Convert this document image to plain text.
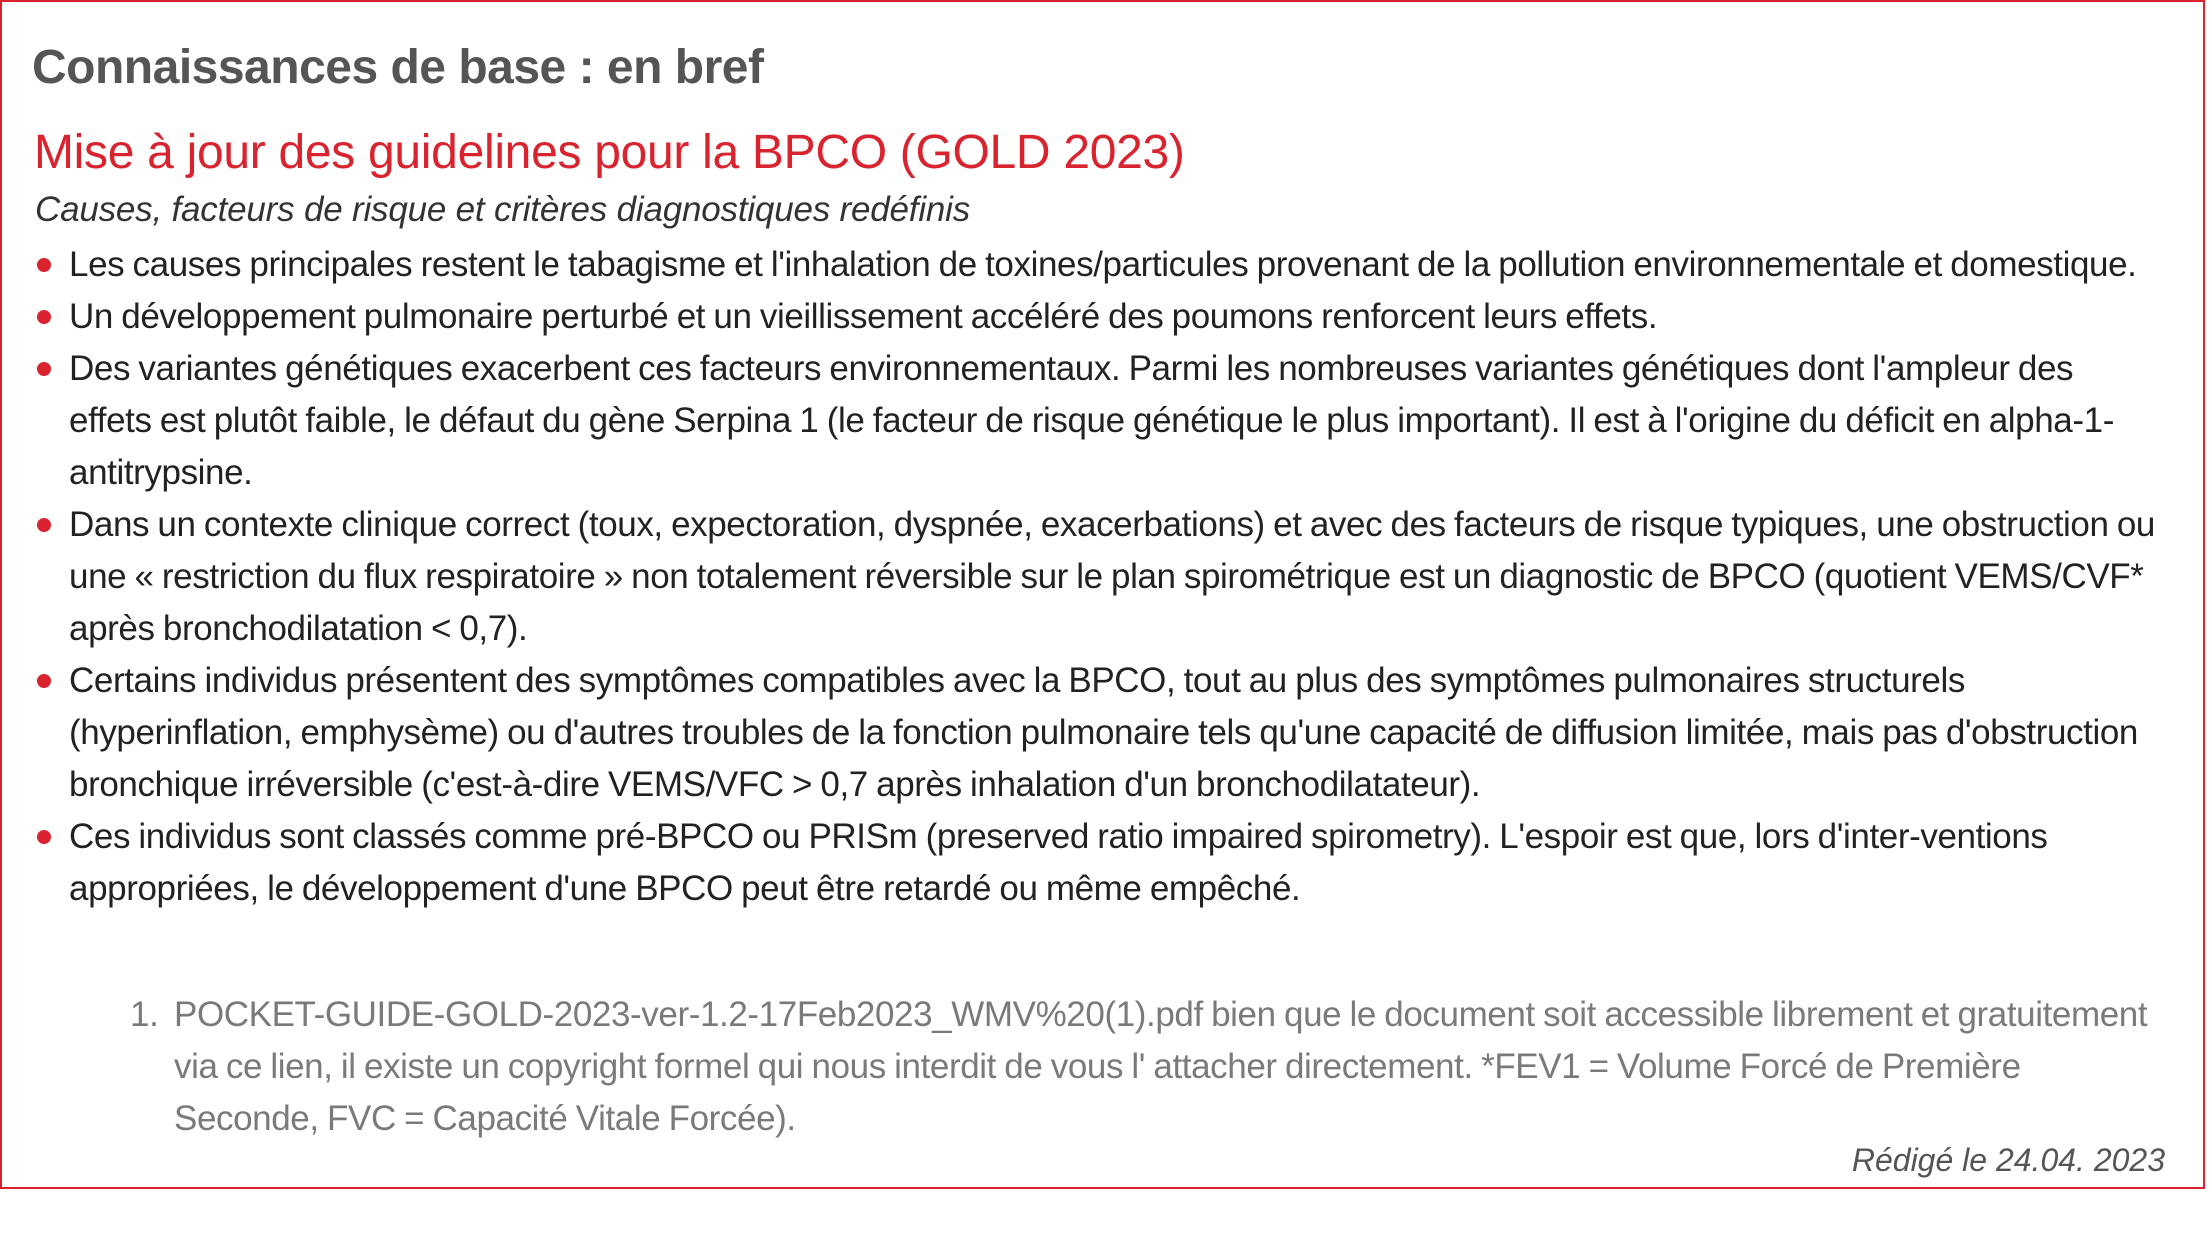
Connaissances de base : en bref
Mise à jour des guidelines pour la BPCO (GOLD 2023)
Causes, facteurs de risque et critères diagnostiques redéfinis
Les causes principales restent le tabagisme et l'inhalation de toxines/particules provenant de la pollution environnementale et domestique.
Un développement pulmonaire perturbé et un vieillissement accéléré des poumons renforcent leurs effets.
Des variantes génétiques exacerbent ces facteurs environnementaux. Parmi les nombreuses variantes génétiques dont l'ampleur des effets est plutôt faible, le défaut du gène Serpina 1 (le facteur de risque génétique le plus important). Il est à l'origine du déficit en alpha-1-antitrypsine.
Dans un contexte clinique correct (toux, expectoration, dyspnée, exacerbations) et avec des facteurs de risque typiques, une obstruction ou une « restriction du flux respiratoire » non totalement réversible sur le plan spirométrique est un diagnostic de BPCO (quotient VEMS/CVF* après bronchodilatation < 0,7).
Certains individus présentent des symptômes compatibles avec la BPCO, tout au plus des symptômes pulmonaires structurels (hyperinflation, emphysème) ou d'autres troubles de la fonction pulmonaire tels qu'une capacité de diffusion limitée, mais pas d'obstruction bronchique irréversible (c'est-à-dire VEMS/VFC > 0,7 après inhalation d'un bronchodilatateur).
Ces individus sont classés comme pré-BPCO ou PRISm (preserved ratio impaired spirometry). L'espoir est que, lors d'inter-ventions appropriées, le développement d'une BPCO peut être retardé ou même empêché.
1. POCKET-GUIDE-GOLD-2023-ver-1.2-17Feb2023_WMV%20(1).pdf bien que le document soit accessible librement et gratuitement via ce lien, il existe un copyright formel qui nous interdit de vous l' attacher directement. *FEV1 = Volume Forcé de Première Seconde, FVC = Capacité Vitale Forcée).
Rédigé le 24.04. 2023
